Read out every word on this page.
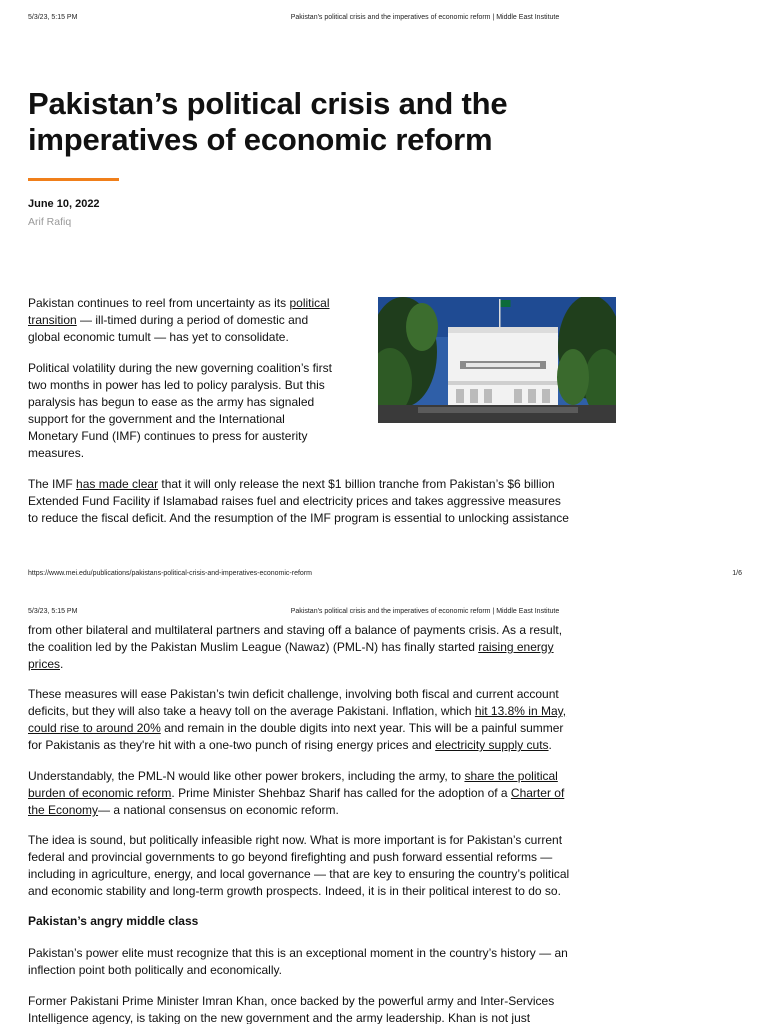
5/3/23, 5:15 PM	Pakistan's political crisis and the imperatives of economic reform | Middle East Institute
Pakistan’s political crisis and the
imperatives of economic reform
June 10, 2022
Arif Rafiq
Pakistan continues to reel from uncertainty as its political
transition — ill-timed during a period of domestic and
global economic tumult — has yet to consolidate.
Political volatility during the new governing coalition’s first
two months in power has led to policy paralysis. But this
paralysis has begun to ease as the army has signaled
support for the government and the International
Monetary Fund (IMF) continues to press for austerity
measures.
The IMF has made clear that it will only release the next $1 billion tranche from Pakistan’s $6 billion
Extended Fund Facility if Islamabad raises fuel and electricity prices and takes aggressive measures
to reduce the fiscal deficit. And the resumption of the IMF program is essential to unlocking assistance
https://www.mei.edu/publications/pakistans-political-crisis-and-imperatives-economic-reform	1/6
5/3/23, 5:15 PM	Pakistan's political crisis and the imperatives of economic reform | Middle East Institute
from other bilateral and multilateral partners and staving off a balance of payments crisis. As a result,
the coalition led by the Pakistan Muslim League (Nawaz) (PML-N) has finally started raising energy
prices.
These measures will ease Pakistan’s twin deficit challenge, involving both fiscal and current account
deficits, but they will also take a heavy toll on the average Pakistani. Inflation, which hit 13.8% in May,
could rise to around 20% and remain in the double digits into next year. This will be a painful summer
for Pakistanis as they're hit with a one-two punch of rising energy prices and electricity supply cuts.
Understandably, the PML-N would like other power brokers, including the army, to share the political
burden of economic reform. Prime Minister Shehbaz Sharif has called for the adoption of a Charter of
the Economy— a national consensus on economic reform.
The idea is sound, but politically infeasible right now. What is more important is for Pakistan’s current
federal and provincial governments to go beyond firefighting and push forward essential reforms —
including in agriculture, energy, and local governance — that are key to ensuring the country’s political
and economic stability and long-term growth prospects. Indeed, it is in their political interest to do so.
Pakistan’s angry middle class
Pakistan’s power elite must recognize that this is an exceptional moment in the country’s history — an
inflection point both politically and economically.
Former Pakistani Prime Minister Imran Khan, once backed by the powerful army and Inter-Services
Intelligence agency, is taking on the new government and the army leadership. Khan is not just
